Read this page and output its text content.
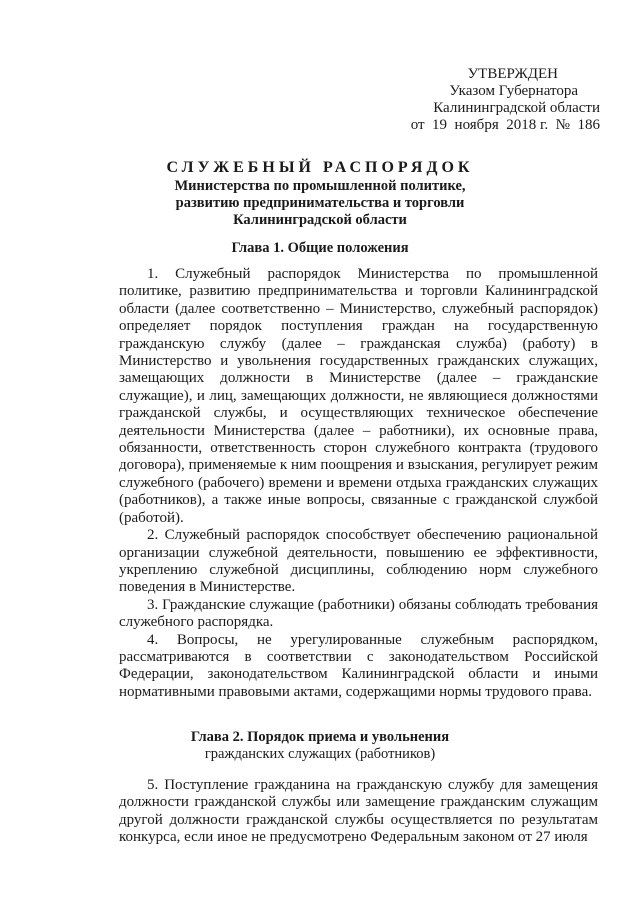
УТВЕРЖДЕН
Указом Губернатора
Калининградской области
от  19  ноября  2018 г.  №  186
СЛУЖЕБНЫЙ РАСПОРЯДОК
Министерства по промышленной политике,
развитию предпринимательства и торговли
Калининградской области
Глава 1. Общие положения

1. Служебный распорядок Министерства по промышленной политике, развитию предпринимательства и торговли Калининградской области (далее соответственно – Министерство, служебный распорядок) определяет порядок поступления граждан на государственную гражданскую службу (далее – гражданская служба) (работу) в Министерство и увольнения государственных гражданских служащих, замещающих должности в Министерстве (далее – гражданские служащие), и лиц, замещающих должности, не являющиеся должностями гражданской службы, и осуществляющих техническое обеспечение деятельности Министерства (далее – работники), их основные права, обязанности, ответственность сторон служебного контракта (трудового договора), применяемые к ним поощрения и взыскания, регулирует режим служебного (рабочего) времени и времени отдыха гражданских служащих (работников), а также иные вопросы, связанные с гражданской службой (работой).

2. Служебный распорядок способствует обеспечению рациональной организации служебной деятельности, повышению ее эффективности, укреплению служебной дисциплины, соблюдению норм служебного поведения в Министерстве.

3. Гражданские служащие (работники) обязаны соблюдать требования служебного распорядка.

4. Вопросы, не урегулированные служебным распорядком, рассматриваются в соответствии с законодательством Российской Федерации, законодательством Калининградской области и иными нормативными правовыми актами, содержащими нормы трудового права.

Глава 2. Порядок приема и увольнения
гражданских служащих (работников)

5. Поступление гражданина на гражданскую службу для замещения должности гражданской службы или замещение гражданским служащим другой должности гражданской службы осуществляется по результатам конкурса, если иное не предусмотрено Федеральным законом от 27 июля
